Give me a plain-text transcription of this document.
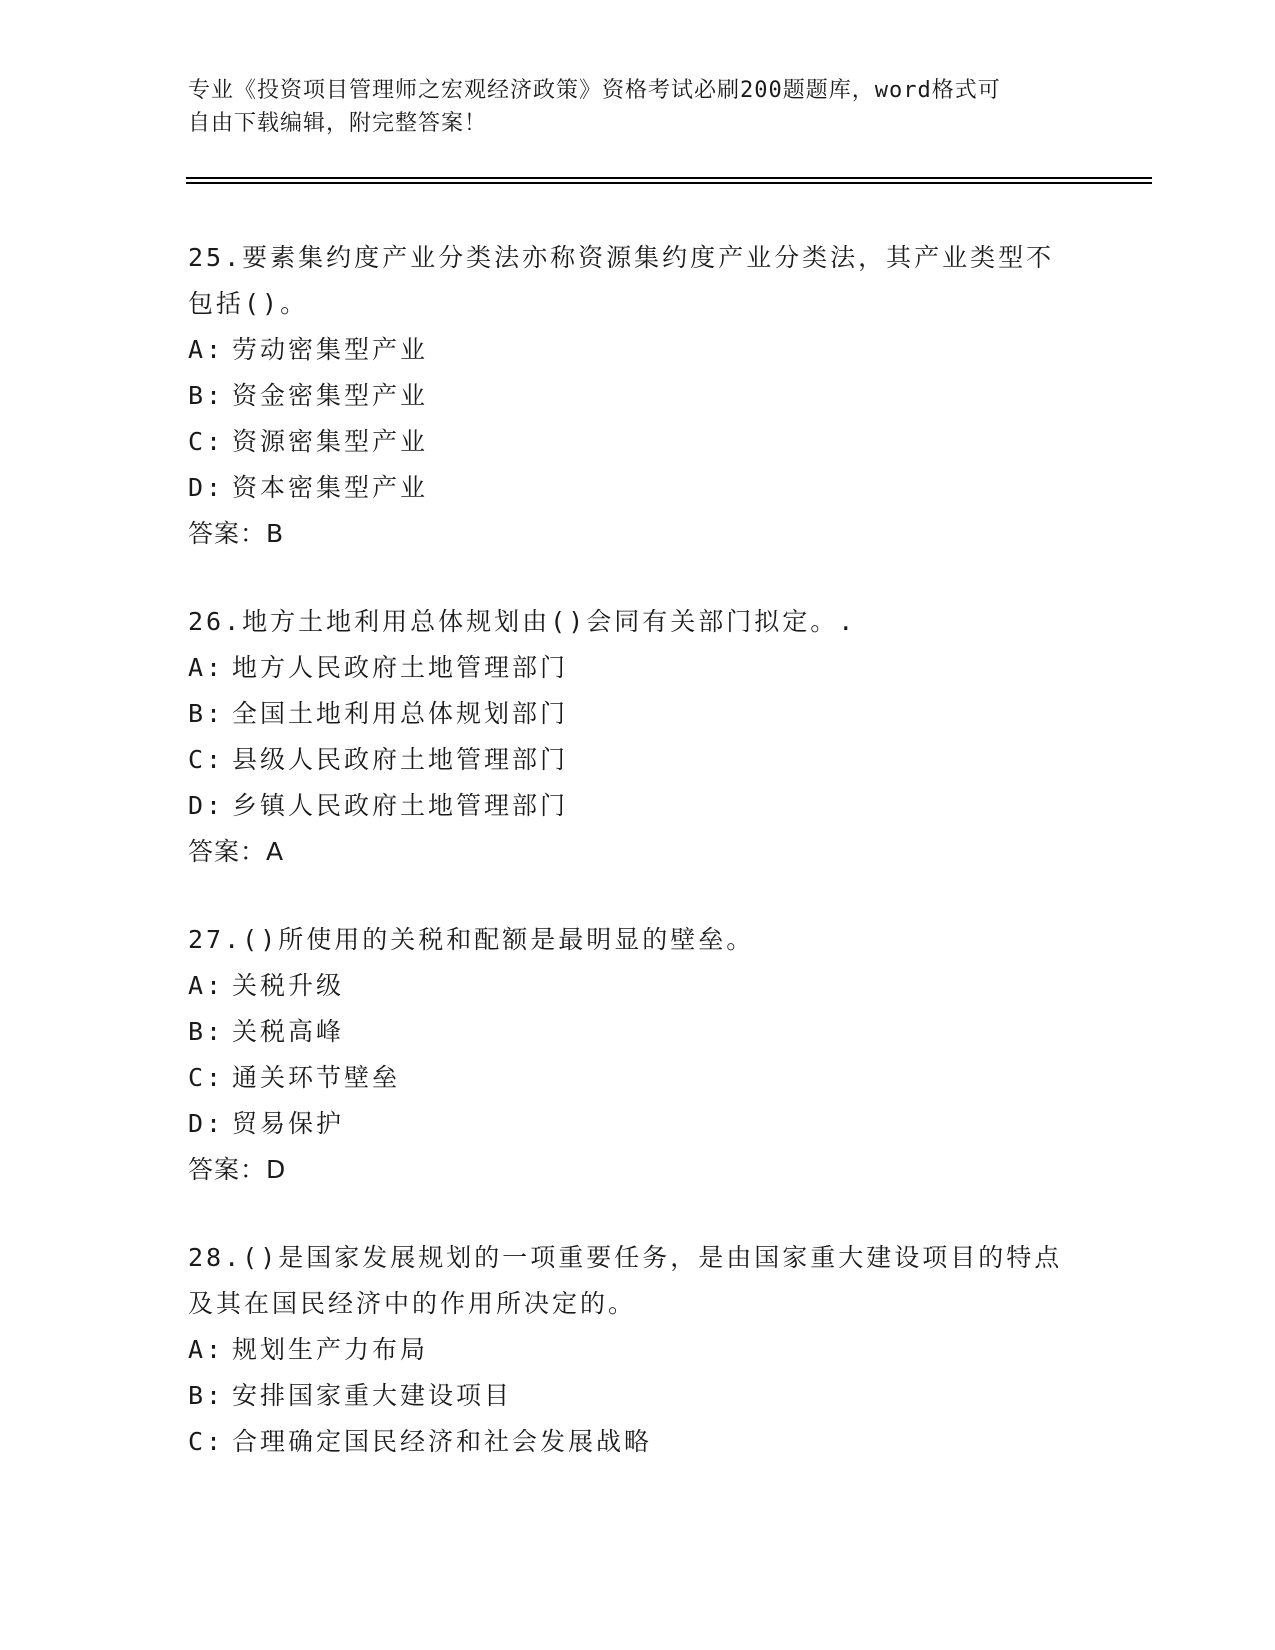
专业《投资项目管理师之宏观经济政策》资格考试必刷200题题库，word格式可
自由下载编辑，附完整答案！

25.要素集约度产业分类法亦称资源集约度产业分类法，其产业类型不
包括()。

A: 劳动密集型产业

B: 资金密集型产业

C: 资源密集型产业

D: 资本密集型产业

答案：B

26.地方土地利用总体规划由()会同有关部门拟定。.

A: 地方人民政府土地管理部门

B: 全国土地利用总体规划部门

C: 县级人民政府土地管理部门

D: 乡镇人民政府土地管理部门

答案：A

27.()所使用的关税和配额是最明显的壁垒。

A: 关税升级

B: 关税高峰

C: 通关环节壁垒

D: 贸易保护

答案：D

28.()是国家发展规划的一项重要任务，是由国家重大建设项目的特点
及其在国民经济中的作用所决定的。

A: 规划生产力布局

B: 安排国家重大建设项目

C: 合理确定国民经济和社会发展战略
